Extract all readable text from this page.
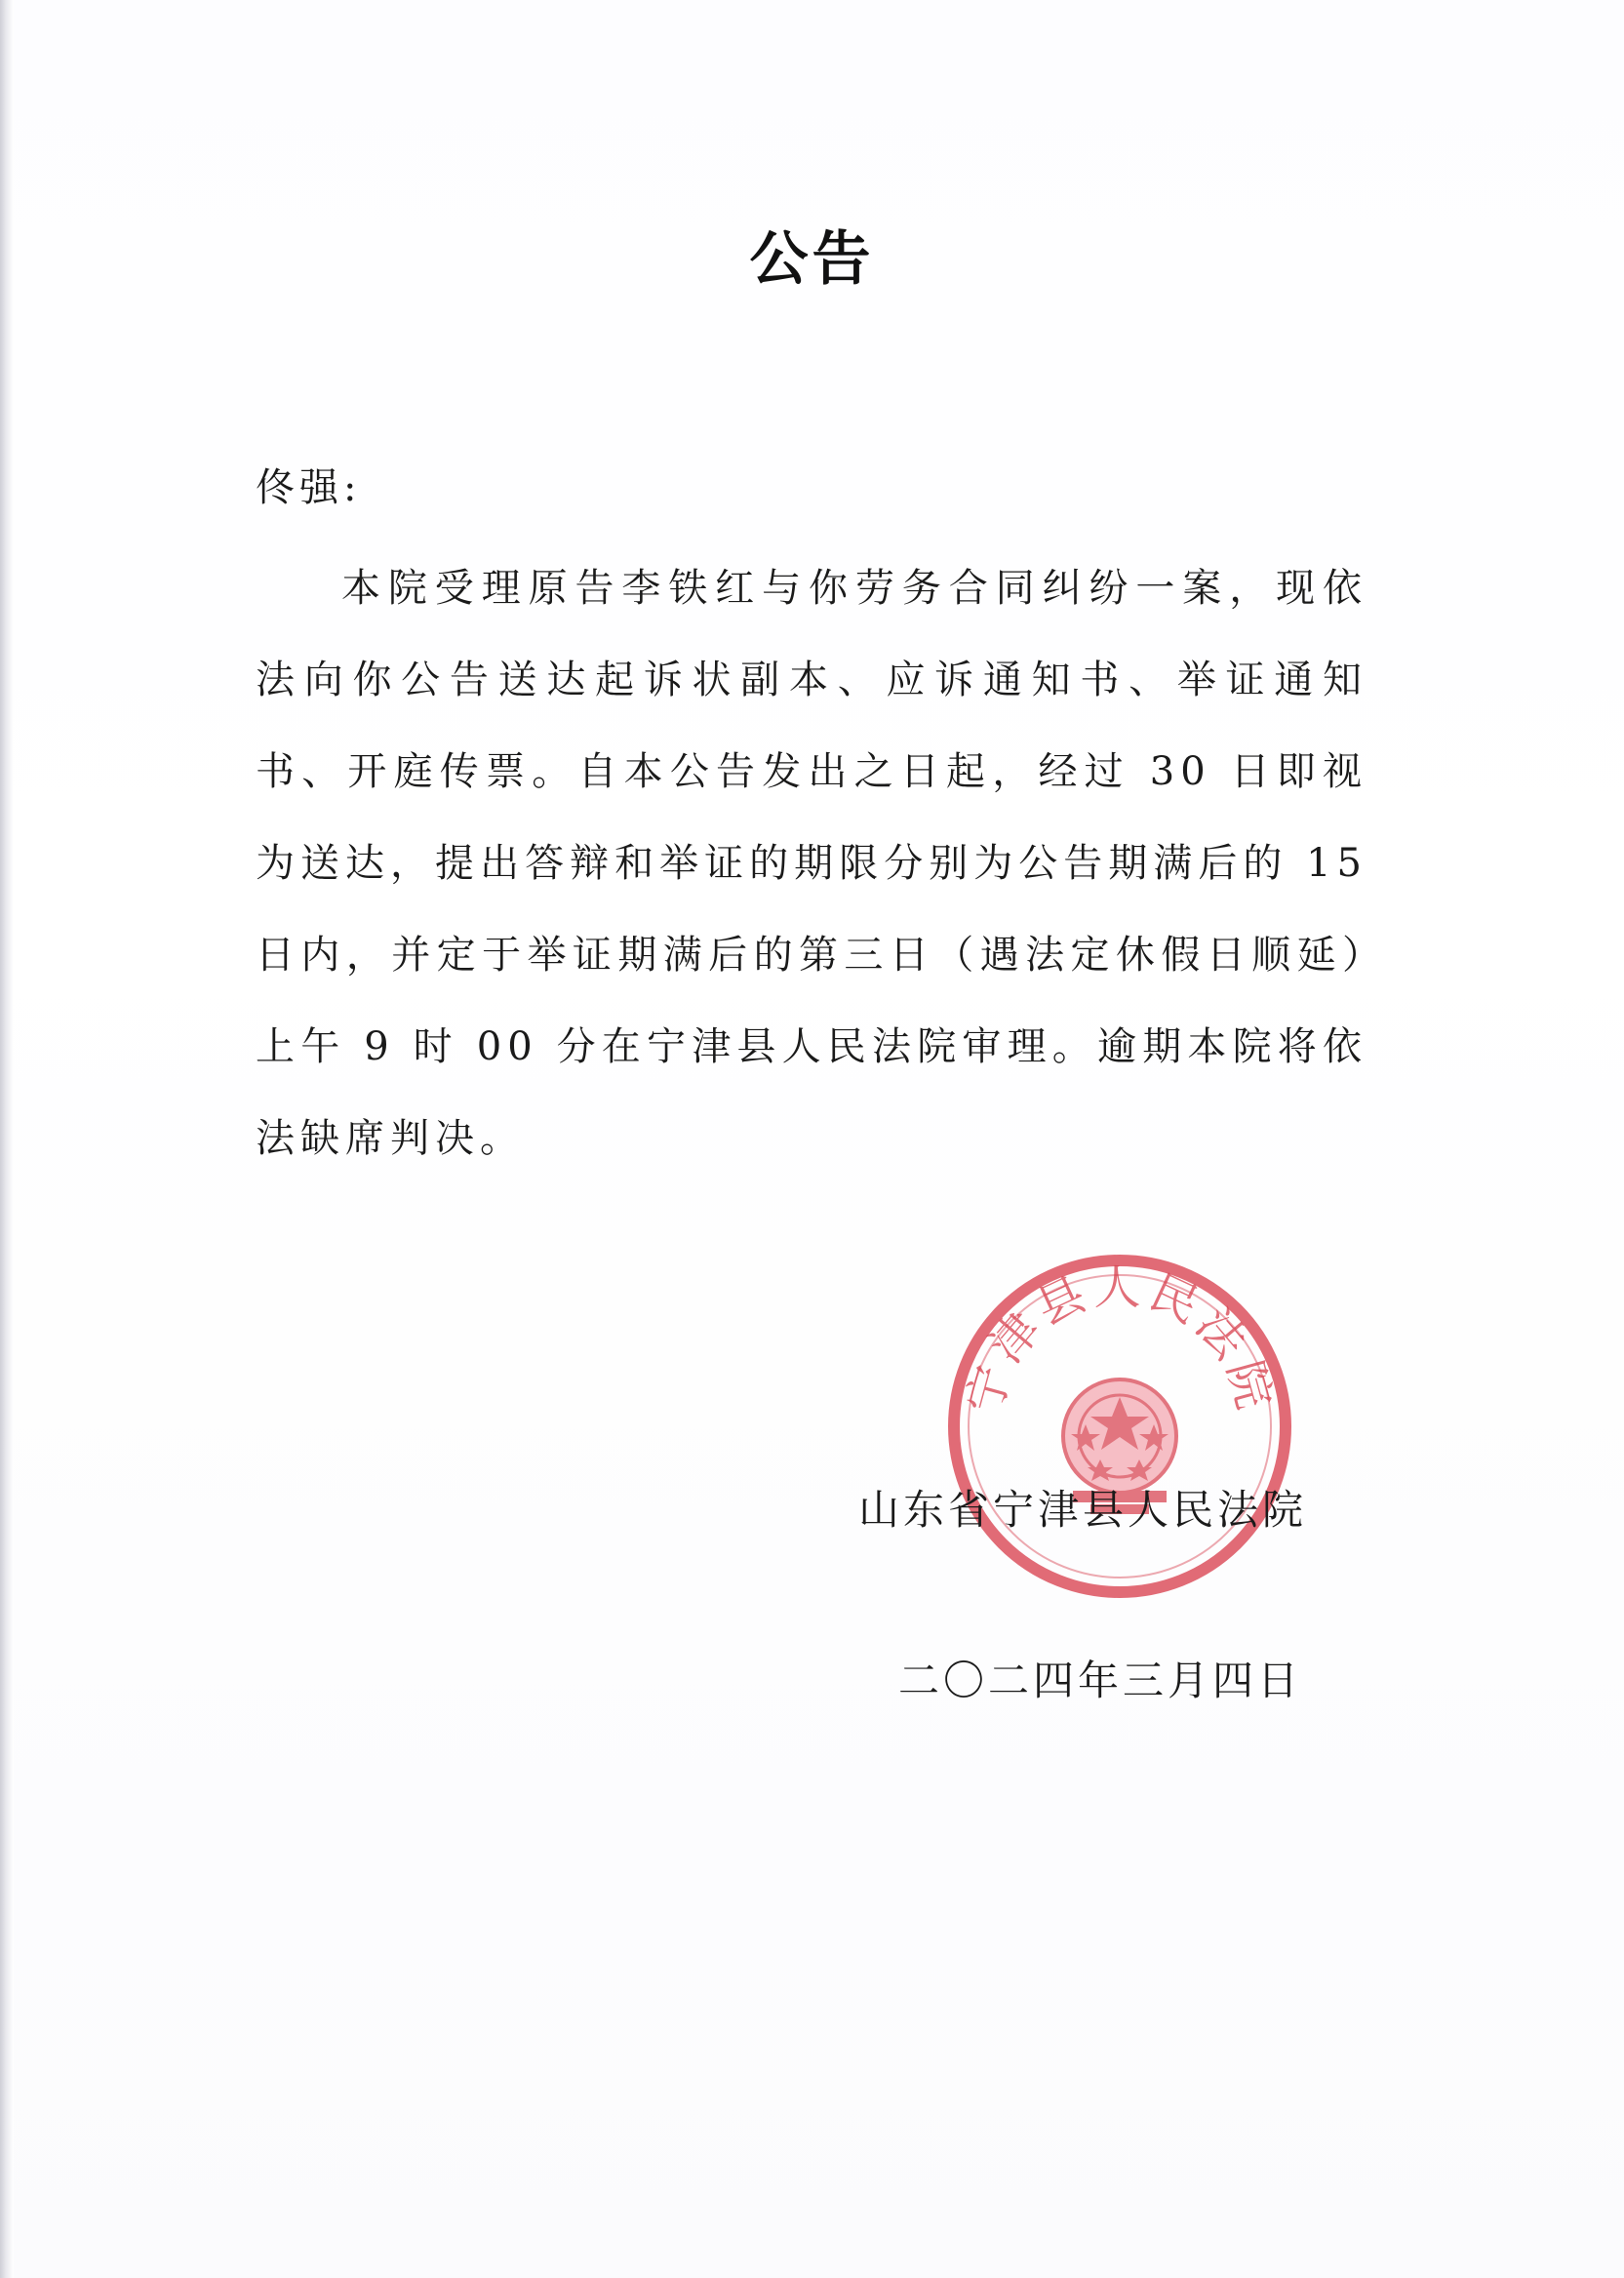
公告
佟强:
本院受理原告李铁红与你劳务合同纠纷一案，现依法向你公告送达起诉状副本、应诉通知书、举证通知书、开庭传票。自本公告发出之日起，经过 30 日即视为送达，提出答辩和举证的期限分别为公告期满后的 15 日内，并定于举证期满后的第三日（遇法定休假日顺延）上午 9 时 00 分在宁津县人民法院审理。逾期本院将依法缺席判决。
宁津县人民法院
山东省宁津县人民法院
二〇二四年三月四日
